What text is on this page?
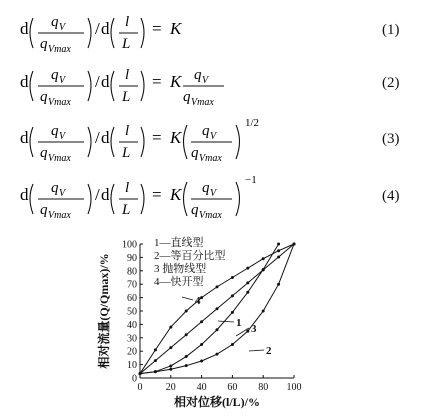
d q V
q Vmax
/ d l
L
= K	(1)
d q V
q Vmax
/ d l
L
= K q V
q Vmax
(2)
d q V
q Vmax
/ d l
L
= K q V
q Vmax
1/2
(3)
d q V
q Vmax
/ d l
L
= K q V
q Vmax
−1
(4)
0
10
20
30
40
50
60
70
80
90
100
0 20 40 60 80 100
相对位移(l/L)/%
相对流量(Q/Qmax)/%
1—直线型
2—等百分比型
3 抛物线型
4—快开型
4
1 3
2
